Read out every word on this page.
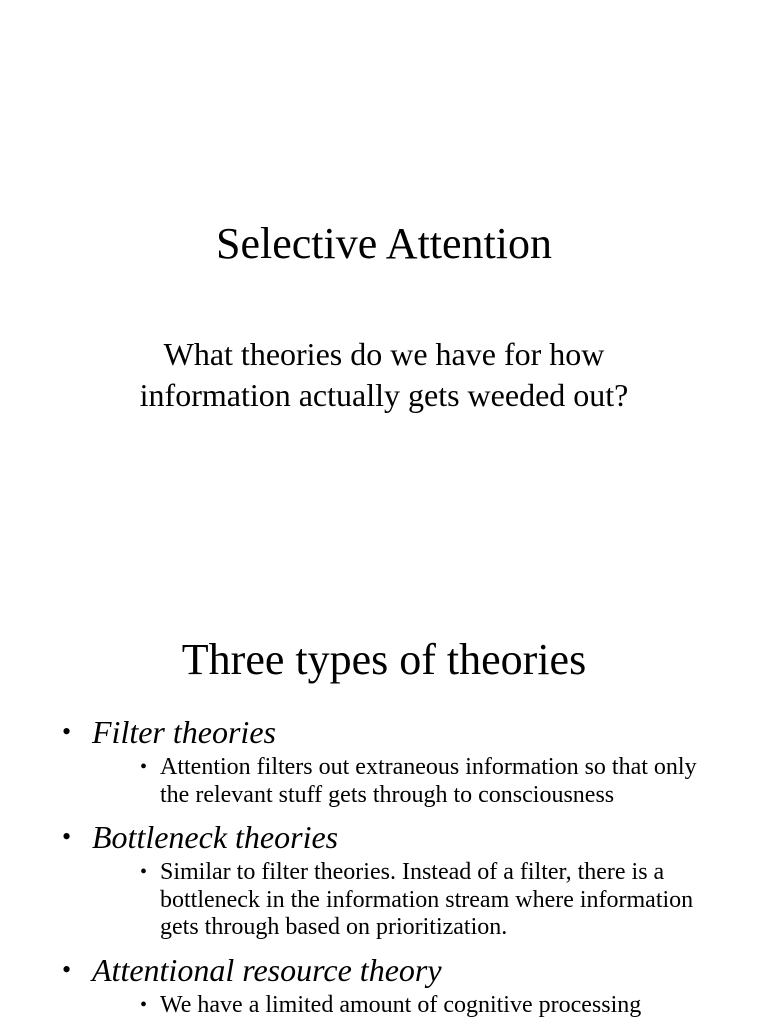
Selective Attention

What theories do we have for how information actually gets weeded out?

Three types of theories
• Filter theories
• Attention filters out extraneous information so that only the relevant stuff gets through to consciousness
• Bottleneck theories
• Similar to filter theories. Instead of a filter, there is a bottleneck in the information stream where information gets through based on prioritization.
• Attentional resource theory
• We have a limited amount of cognitive processing
